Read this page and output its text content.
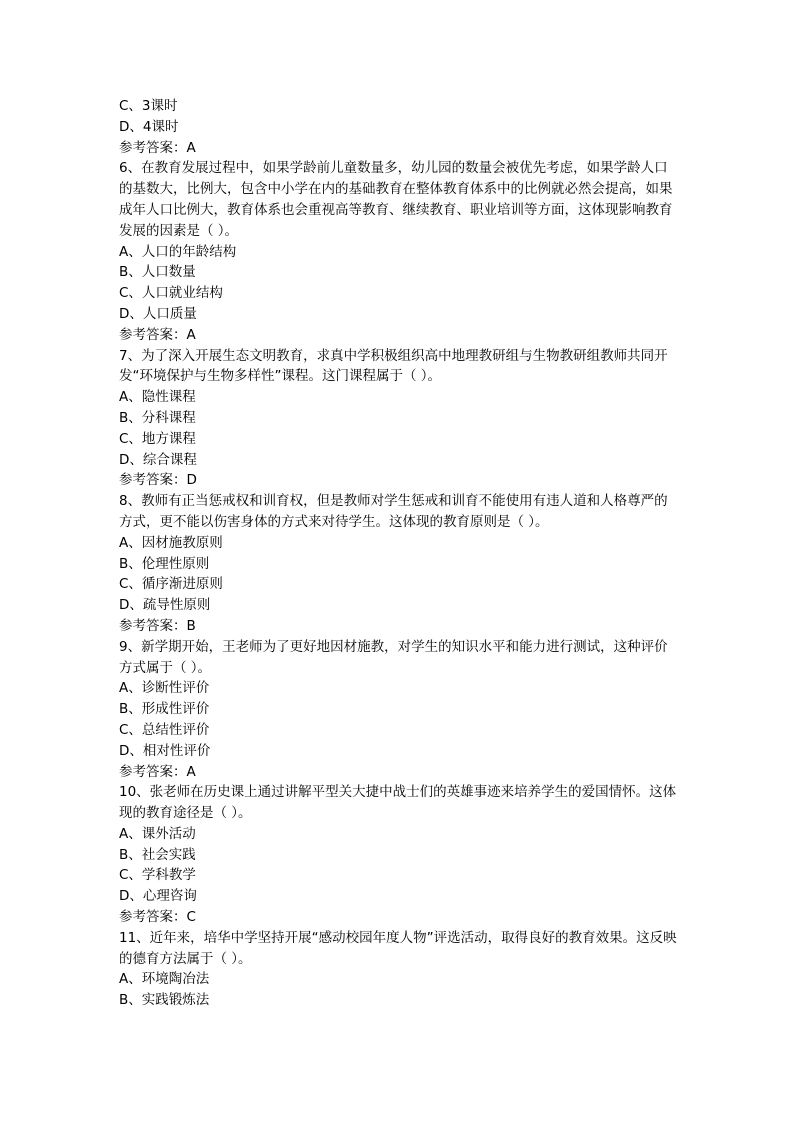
C、3课时
D、4课时
参考答案：A
6、在教育发展过程中，如果学龄前儿童数量多，幼儿园的数量会被优先考虑，如果学龄人口的基数大，比例大，包含中小学在内的基础教育在整体教育体系中的比例就必然会提高，如果成年人口比例大，教育体系也会重视高等教育、继续教育、职业培训等方面，这体现影响教育发展的因素是（ ）。
A、人口的年龄结构
B、人口数量
C、人口就业结构
D、人口质量
参考答案：A
7、为了深入开展生态文明教育，求真中学积极组织高中地理教研组与生物教研组教师共同开发“环境保护与生物多样性”课程。这门课程属于（ ）。
A、隐性课程
B、分科课程
C、地方课程
D、综合课程
参考答案：D
8、教师有正当惩戒权和训育权，但是教师对学生惩戒和训育不能使用有违人道和人格尊严的方式，更不能以伤害身体的方式来对待学生。这体现的教育原则是（ ）。
A、因材施教原则
B、伦理性原则
C、循序渐进原则
D、疏导性原则
参考答案：B
9、新学期开始，王老师为了更好地因材施教，对学生的知识水平和能力进行测试，这种评价方式属于（ ）。
A、诊断性评价
B、形成性评价
C、总结性评价
D、相对性评价
参考答案：A
10、张老师在历史课上通过讲解平型关大捷中战士们的英雄事迹来培养学生的爱国情怀。这体现的教育途径是（ ）。
A、课外活动
B、社会实践
C、学科教学
D、心理咨询
参考答案：C
11、近年来，培华中学坚持开展“感动校园年度人物”评选活动，取得良好的教育效果。这反映的德育方法属于（ ）。
A、环境陶冶法
B、实践锻炼法
